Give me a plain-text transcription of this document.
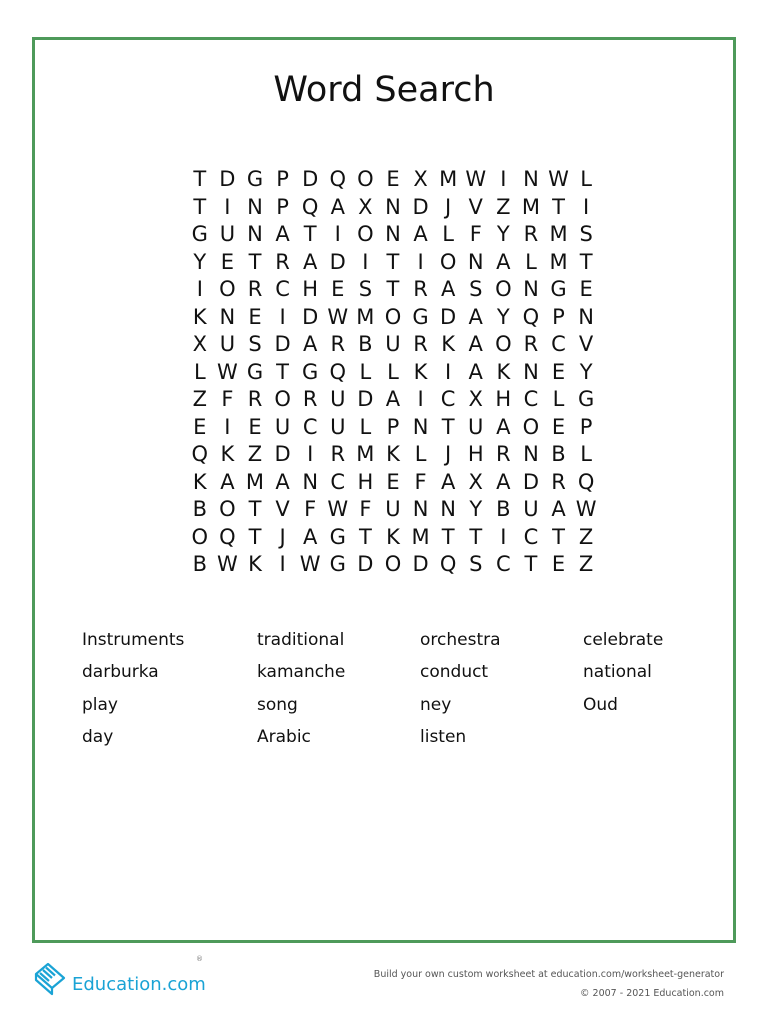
Word Search
T D G P D Q O E X M W I N W L
T I N P Q A X N D J V Z M T I
G U N A T I O N A L F Y R M S
Y E T R A D I T I O N A L M T
I O R C H E S T R A S O N G E
K N E I D W M O G D A Y Q P N
X U S D A R B U R K A O R C V
L W G T G Q L L K I A K N E Y
Z F R O R U D A I C X H C L G
E I E U C U L P N T U A O E P
Q K Z D I R M K L J H R N B L
K A M A N C H E F A X A D R Q
B O T V F W F U N N Y B U A W
O Q T J A G T K M T T I C T Z
B W K I W G D O D Q S C T E Z
Instruments	traditional	orchestra	celebrate
darburka	kamanche	conduct	national
play	song	ney	Oud
day	Arabic	listen
Education.com
®
Build your own custom worksheet at education.com/worksheet-generator
© 2007 - 2021 Education.com
